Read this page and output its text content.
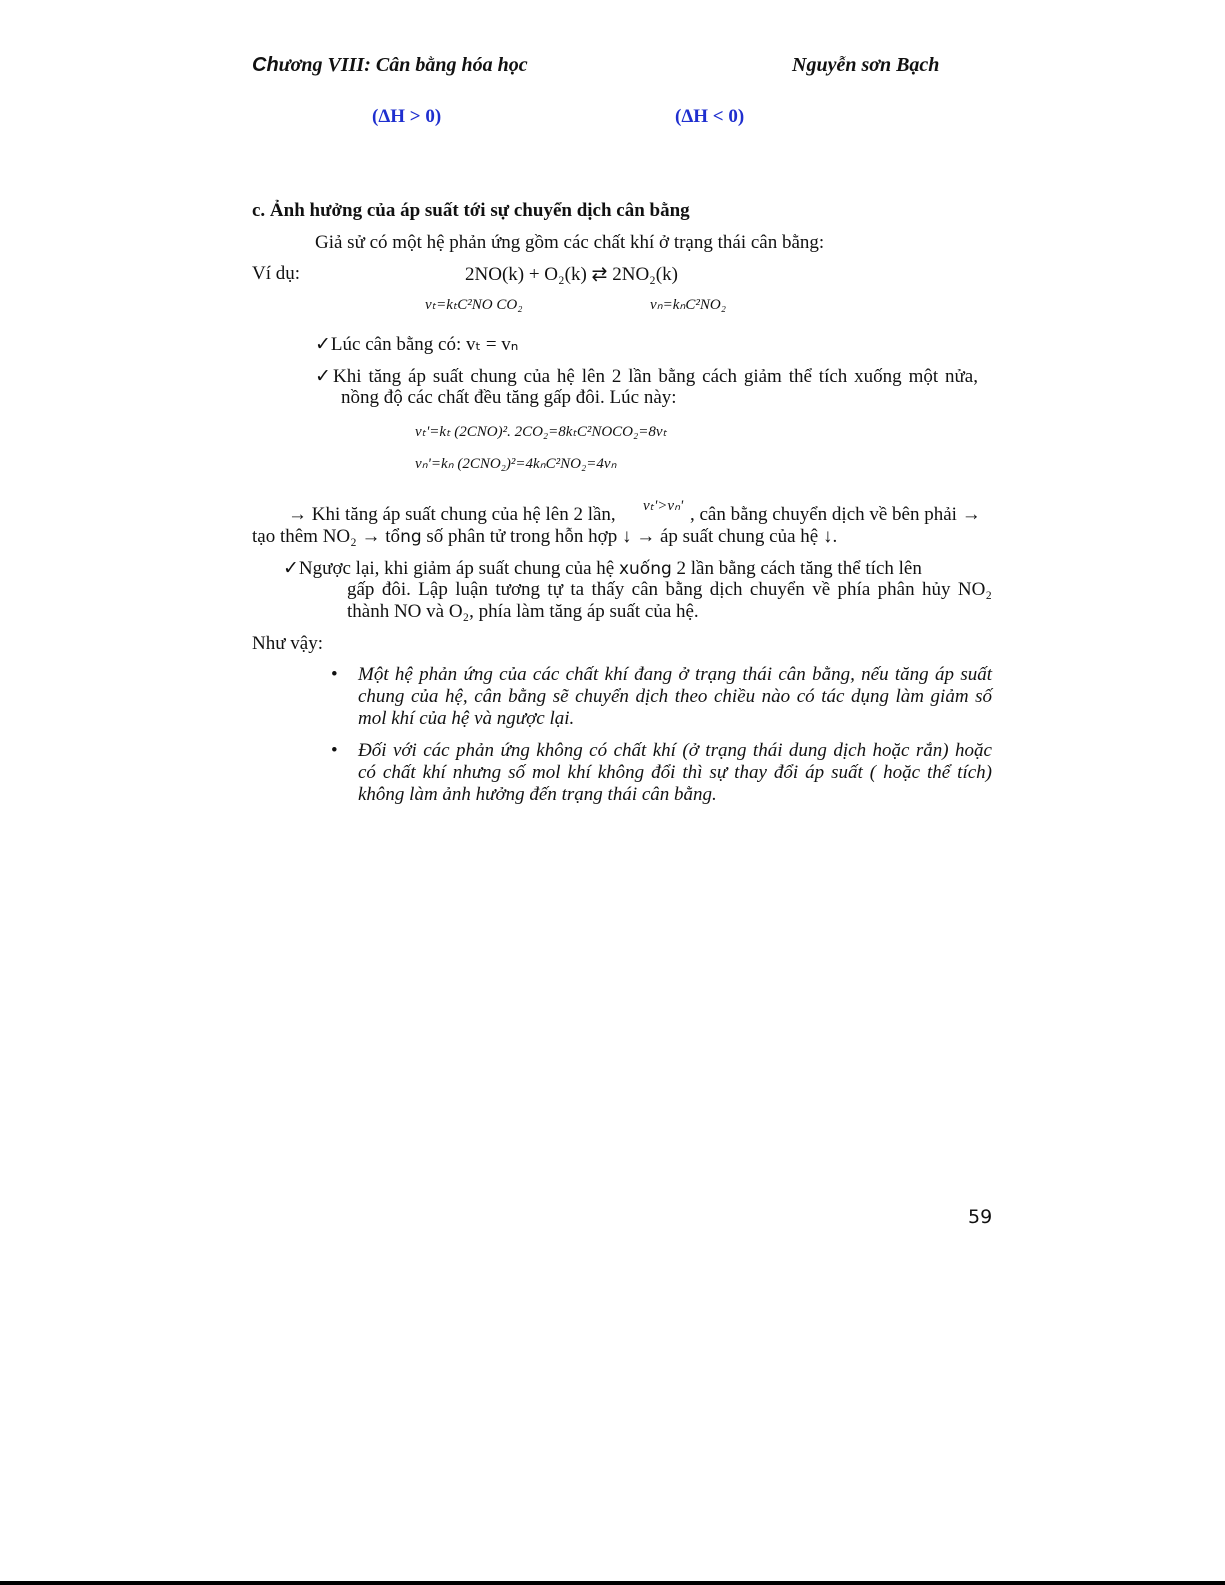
Chương VIII: Cân bằng hóa học	Nguyễn sơn Bạch
(ΔH > 0)	(ΔH < 0)
c. Ảnh hưởng của áp suất tới sự chuyển dịch cân bằng
Giả sử có một hệ phản ứng gồm các chất khí ở trạng thái cân bằng:
Ví dụ:	2NO(k) + O₂(k) ⇄ 2NO₂(k)
vₜ=kₜC²NO CO₂	vₙ=kₙC²NO₂
✓Lúc cân bằng có: vₜ = vₙ
✓Khi tăng áp suất chung của hệ lên 2 lần bằng cách giảm thể tích xuống một nửa,
nồng độ các chất đều tăng gấp đôi. Lúc này:
vₜ'=kₜ (2CNO)². 2CO₂=8kₜC²NOCO₂=8vₜ
vₙ'=kₙ (2CNO₂)²=4kₙC²NO₂=4vₙ
→ Khi tăng áp suất chung của hệ lên 2 lần, vₜ'>vₙ' , cân bằng chuyển dịch về bên phải →
tạo thêm NO₂ → tổng số phân tử trong hỗn hợp ↓ → áp suất chung của hệ ↓.
✓Ngược lại, khi giảm áp suất chung của hệ xuống 2 lần bằng cách tăng thể tích lên
gấp đôi. Lập luận tương tự ta thấy cân bằng dịch chuyển về phía phân hủy NO₂
thành NO và O₂, phía làm tăng áp suất của hệ.
Như vậy:
• Một hệ phản ứng của các chất khí đang ở trạng thái cân bằng, nếu tăng áp suất
chung của hệ, cân bằng sẽ chuyển dịch theo chiều nào có tác dụng làm giảm số
mol khí của hệ và ngược lại.
• Đối với các phản ứng không có chất khí (ở trạng thái dung dịch hoặc rắn) hoặc
có chất khí nhưng số mol khí không đổi thì sự thay đổi áp suất ( hoặc thể tích)
không làm ảnh hưởng đến trạng thái cân bằng.
59
